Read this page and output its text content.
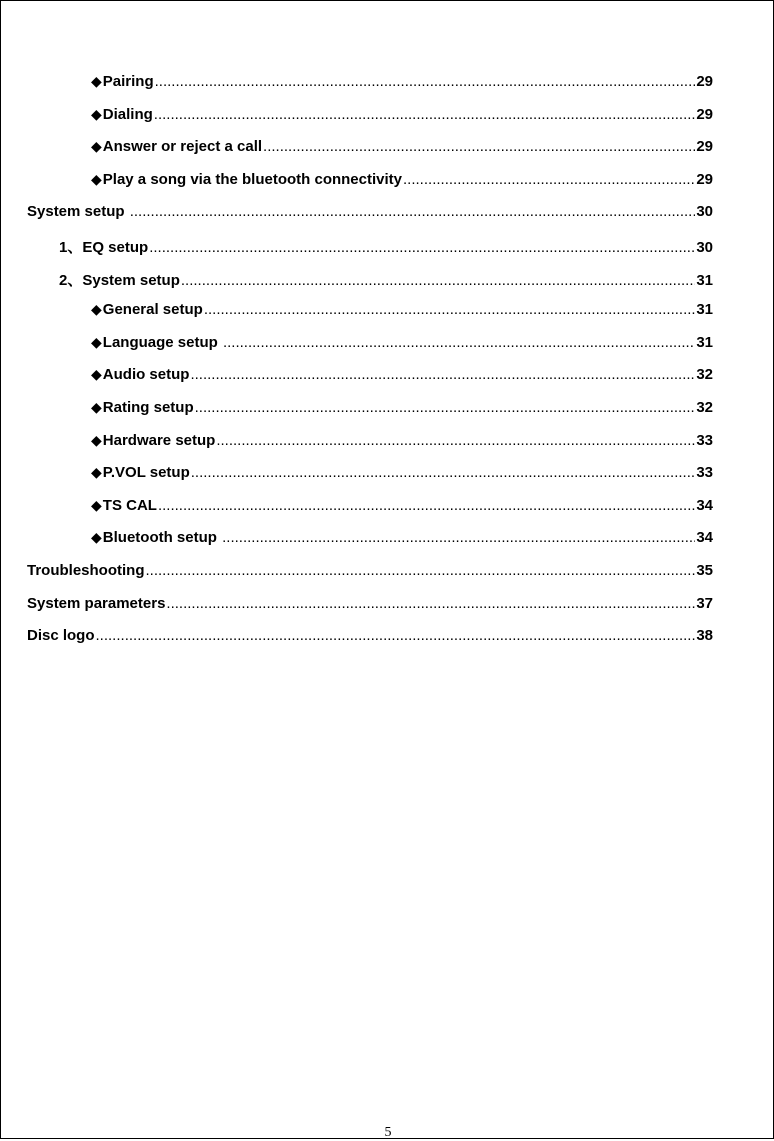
◆ Pairing .....	29
◆ Dialing .....	29
◆ Answer or reject a call .....	29
◆ Play a song via the bluetooth connectivity .....	29
System setup .....	30
1、EQ setup .....	30
2、System setup .....	31
◆ General setup .....	31
◆ Language setup .....	31
◆ Audio setup .....	32
◆ Rating setup .....	32
◆ Hardware setup .....	33
◆ P.VOL setup .....	33
◆ TS CAL .....	34
◆ Bluetooth setup .....	34
Troubleshooting .....	35
System parameters .....	37
Disc logo .....	38
5
